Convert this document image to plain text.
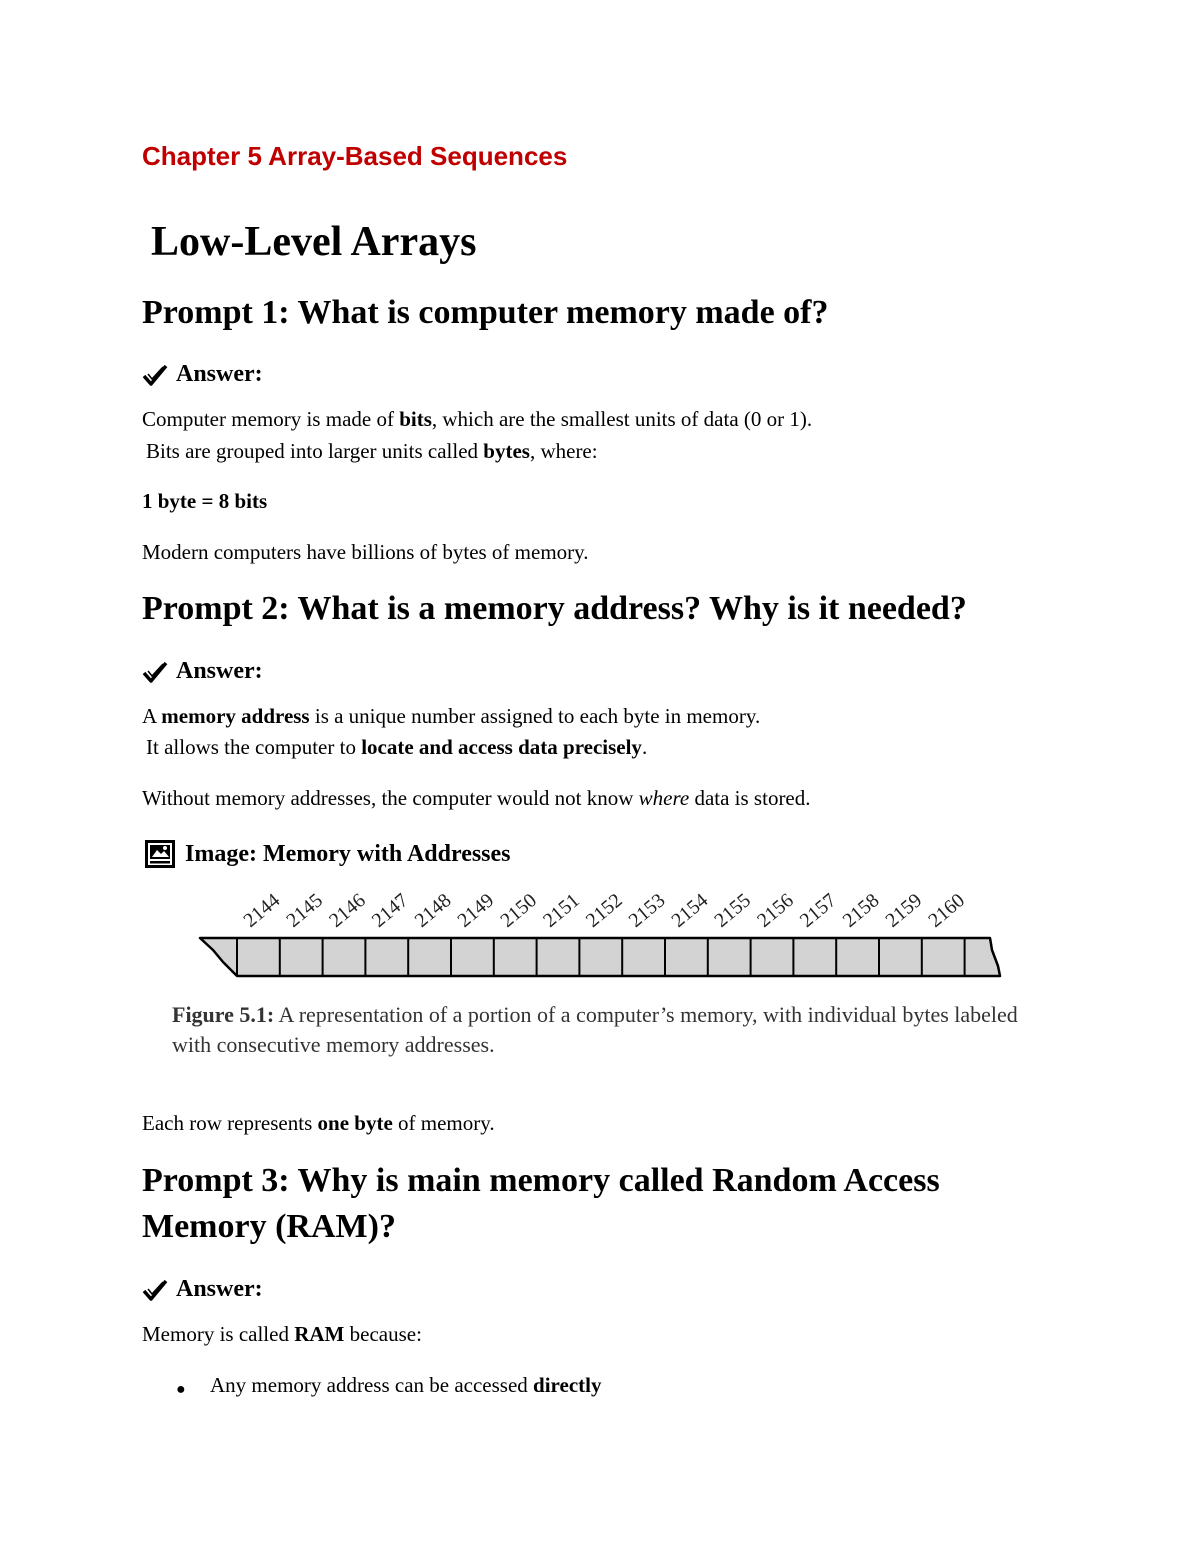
Chapter 5 Array-Based Sequences
Low-Level Arrays
Prompt 1: What is computer memory made of?
Answer:
Computer memory is made of bits, which are the smallest units of data (0 or 1).
Bits are grouped into larger units called bytes, where:
1 byte = 8 bits
Modern computers have billions of bytes of memory.
Prompt 2: What is a memory address? Why is it needed?
Answer:
A memory address is a unique number assigned to each byte in memory.
It allows the computer to locate and access data precisely.
Without memory addresses, the computer would not know where data is stored.
Image: Memory with Addresses
2144
2145
2146
2147
2148
2149
2150
2151
2152
2153
2154
2155
2156
2157
2158
2159
2160
Figure 5.1: A representation of a portion of a computer’s memory, with individual bytes labeled with consecutive memory addresses.
Each row represents one byte of memory.
Prompt 3: Why is main memory called Random Access Memory (RAM)?
Answer:
Memory is called RAM because:
● Any memory address can be accessed directly
